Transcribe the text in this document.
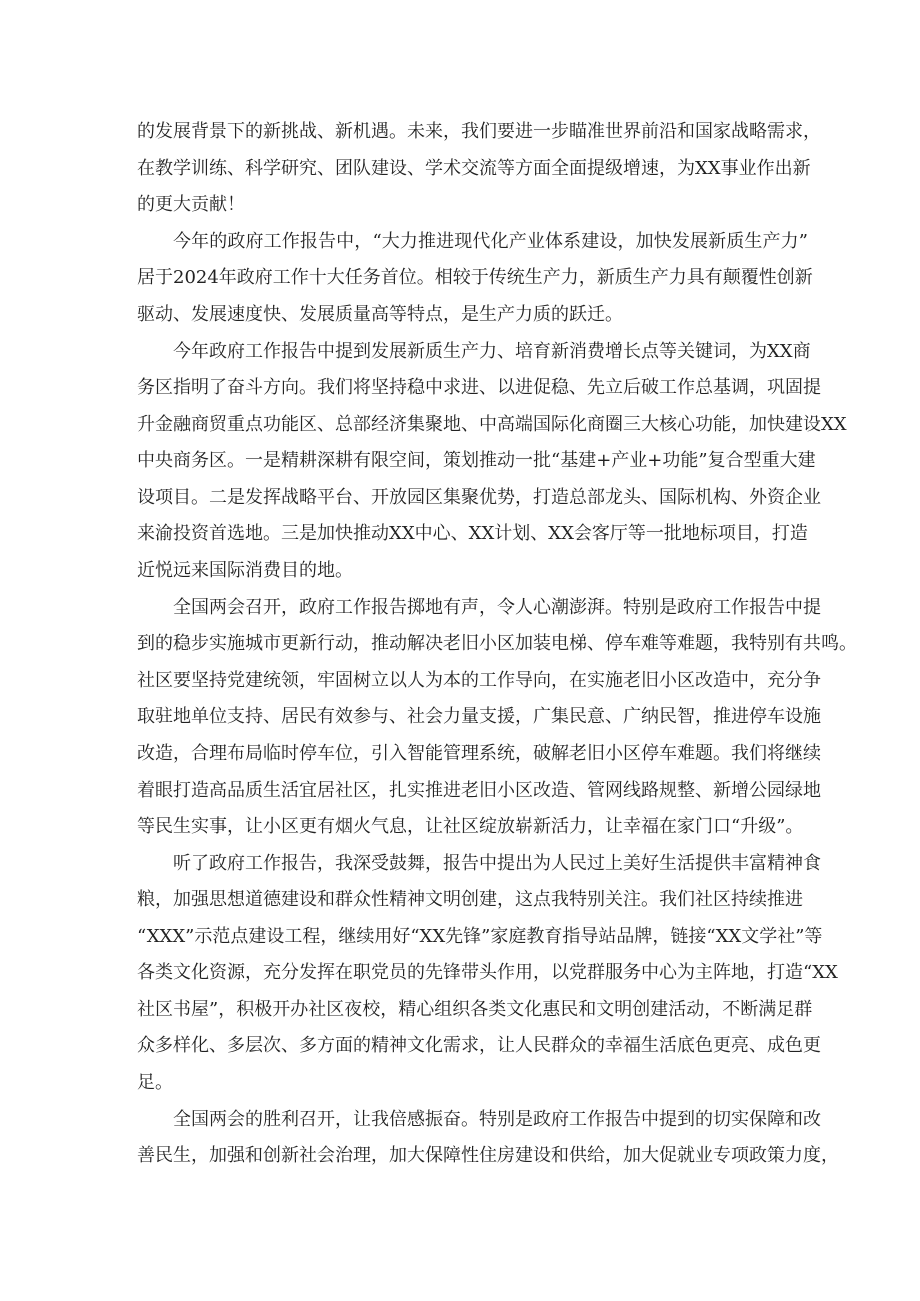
的发展背景下的新挑战、新机遇。未来，我们要进一步瞄准世界前沿和国家战略需求，
在教学训练、科学研究、团队建设、学术交流等方面全面提级增速，为XX事业作出新
的更大贡献！
今年的政府工作报告中，“大力推进现代化产业体系建设，加快发展新质生产力”
居于2024年政府工作十大任务首位。相较于传统生产力，新质生产力具有颠覆性创新
驱动、发展速度快、发展质量高等特点，是生产力质的跃迁。
今年政府工作报告中提到发展新质生产力、培育新消费增长点等关键词，为XX商
务区指明了奋斗方向。我们将坚持稳中求进、以进促稳、先立后破工作总基调，巩固提
升金融商贸重点功能区、总部经济集聚地、中高端国际化商圈三大核心功能，加快建设XX
中央商务区。一是精耕深耕有限空间，策划推动一批“基建+产业+功能”复合型重大建
设项目。二是发挥战略平台、开放园区集聚优势，打造总部龙头、国际机构、外资企业
来渝投资首选地。三是加快推动XX中心、XX计划、XX会客厅等一批地标项目，打造
近悦远来国际消费目的地。
全国两会召开，政府工作报告掷地有声，令人心潮澎湃。特别是政府工作报告中提
到的稳步实施城市更新行动，推动解决老旧小区加装电梯、停车难等难题，我特别有共鸣。
社区要坚持党建统领，牢固树立以人为本的工作导向，在实施老旧小区改造中，充分争
取驻地单位支持、居民有效参与、社会力量支援，广集民意、广纳民智，推进停车设施
改造，合理布局临时停车位，引入智能管理系统，破解老旧小区停车难题。我们将继续
着眼打造高品质生活宜居社区，扎实推进老旧小区改造、管网线路规整、新增公园绿地
等民生实事，让小区更有烟火气息，让社区绽放崭新活力，让幸福在家门口“升级”。
听了政府工作报告，我深受鼓舞，报告中提出为人民过上美好生活提供丰富精神食
粮，加强思想道德建设和群众性精神文明创建，这点我特别关注。我们社区持续推进
“XXX”示范点建设工程，继续用好“XX先锋”家庭教育指导站品牌，链接“XX文学社”等
各类文化资源，充分发挥在职党员的先锋带头作用，以党群服务中心为主阵地，打造“XX
社区书屋”，积极开办社区夜校，精心组织各类文化惠民和文明创建活动，不断满足群
众多样化、多层次、多方面的精神文化需求，让人民群众的幸福生活底色更亮、成色更
足。
全国两会的胜利召开，让我倍感振奋。特别是政府工作报告中提到的切实保障和改
善民生，加强和创新社会治理，加大保障性住房建设和供给，加大促就业专项政策力度，
